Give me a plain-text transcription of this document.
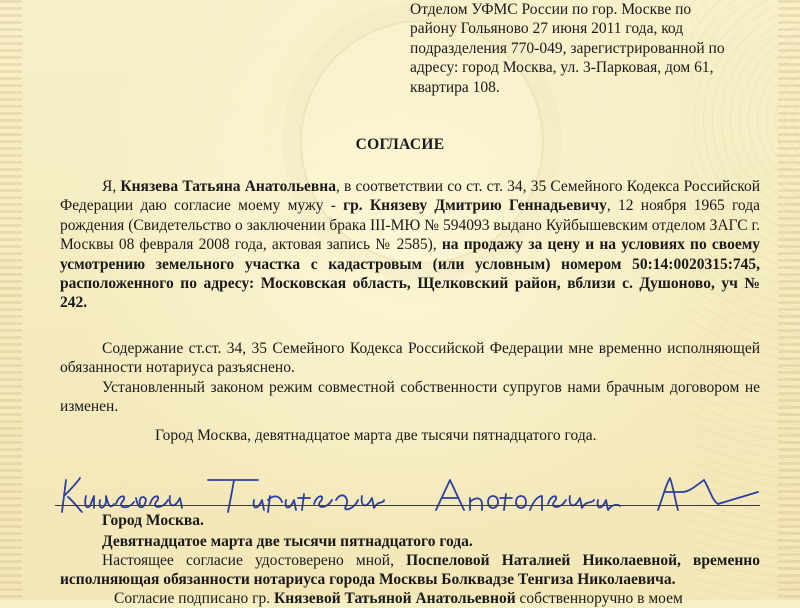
Отделом УФМС России по гор. Москве по
району Гольяново 27 июня 2011 года, код
подразделения 770-049, зарегистрированной по
адресу: город Москва, ул. 3-Парковая, дом 61,
квартира 108.
СОГЛАСИЕ
Я, Князева Татьяна Анатольевна, в соответствии со ст. ст. 34, 35 Семейного Кодекса Российской Федерации даю согласие моему мужу - гр. Князеву Дмитрию Геннадьевичу, 12 ноября 1965 года рождения (Свидетельство о заключении брака III-МЮ № 594093 выдано Куйбышевским отделом ЗАГС г. Москвы 08 февраля 2008 года, актовая запись № 2585), на продажу за цену и на условиях по своему усмотрению земельного участка с кадастровым (или условным) номером 50:14:0020315:745, расположенного по адресу: Московская область, Щелковский район, вблизи с. Душоново, уч № 242.
Содержание ст.ст. 34, 35 Семейного Кодекса Российской Федерации мне временно исполняющей обязанности нотариуса разъяснено.
Установленный законом режим совместной собственности супругов нами брачным договором не изменен.
Город Москва, девятнадцатое марта две тысячи пятнадцатого года.
Город Москва.
Девятнадцатое марта две тысячи пятнадцатого года.
Настоящее согласие удостоверено мной, Поспеловой Наталией Николаевной, временно исполняющая обязанности нотариуса города Москвы Болквадзе Тенгиза Николаевича.
Согласие подписано гр. Князевой Татьяной Анатольевной собственноручно в моем
